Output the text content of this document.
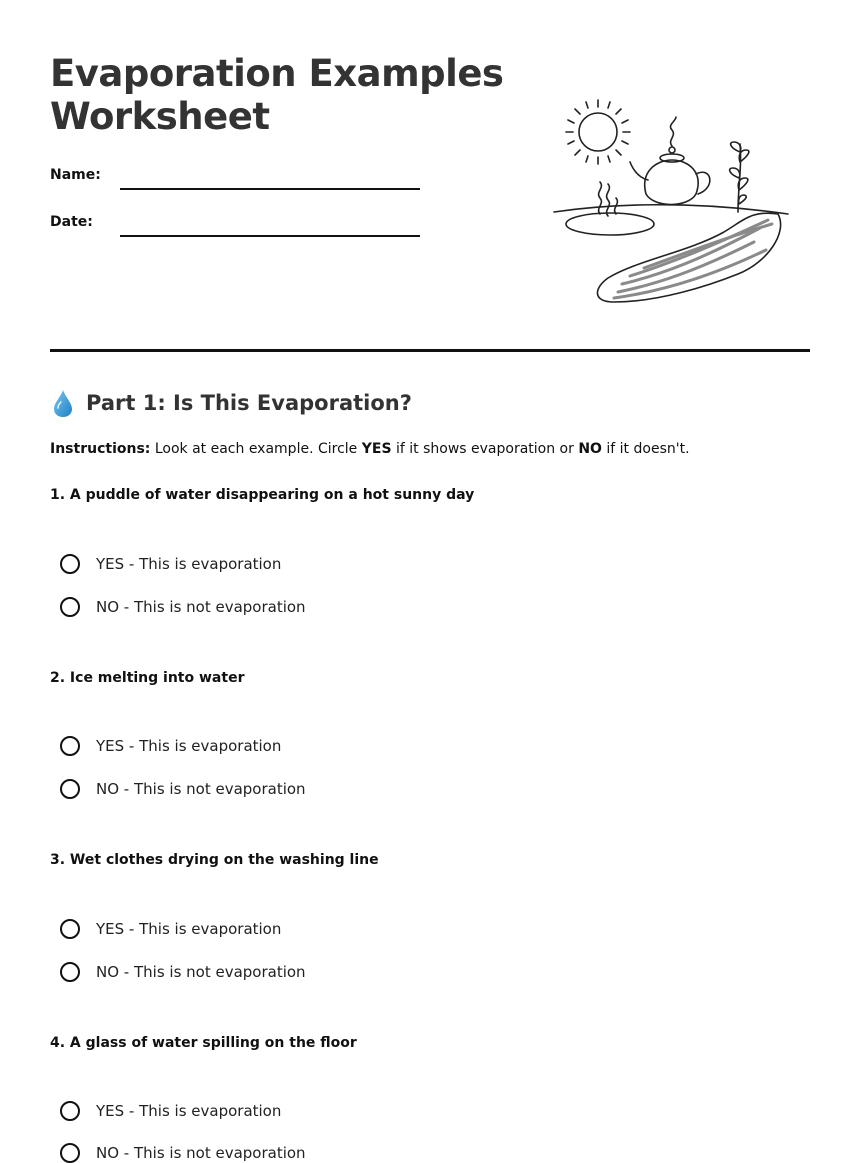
Evaporation Examples Worksheet
Name:
Date:
Part 1: Is This Evaporation?
Instructions: Look at each example. Circle YES if it shows evaporation or NO if it doesn't.
1. A puddle of water disappearing on a hot sunny day
YES - This is evaporation
NO - This is not evaporation
2. Ice melting into water
YES - This is evaporation
NO - This is not evaporation
3. Wet clothes drying on the washing line
YES - This is evaporation
NO - This is not evaporation
4. A glass of water spilling on the floor
YES - This is evaporation
NO - This is not evaporation
